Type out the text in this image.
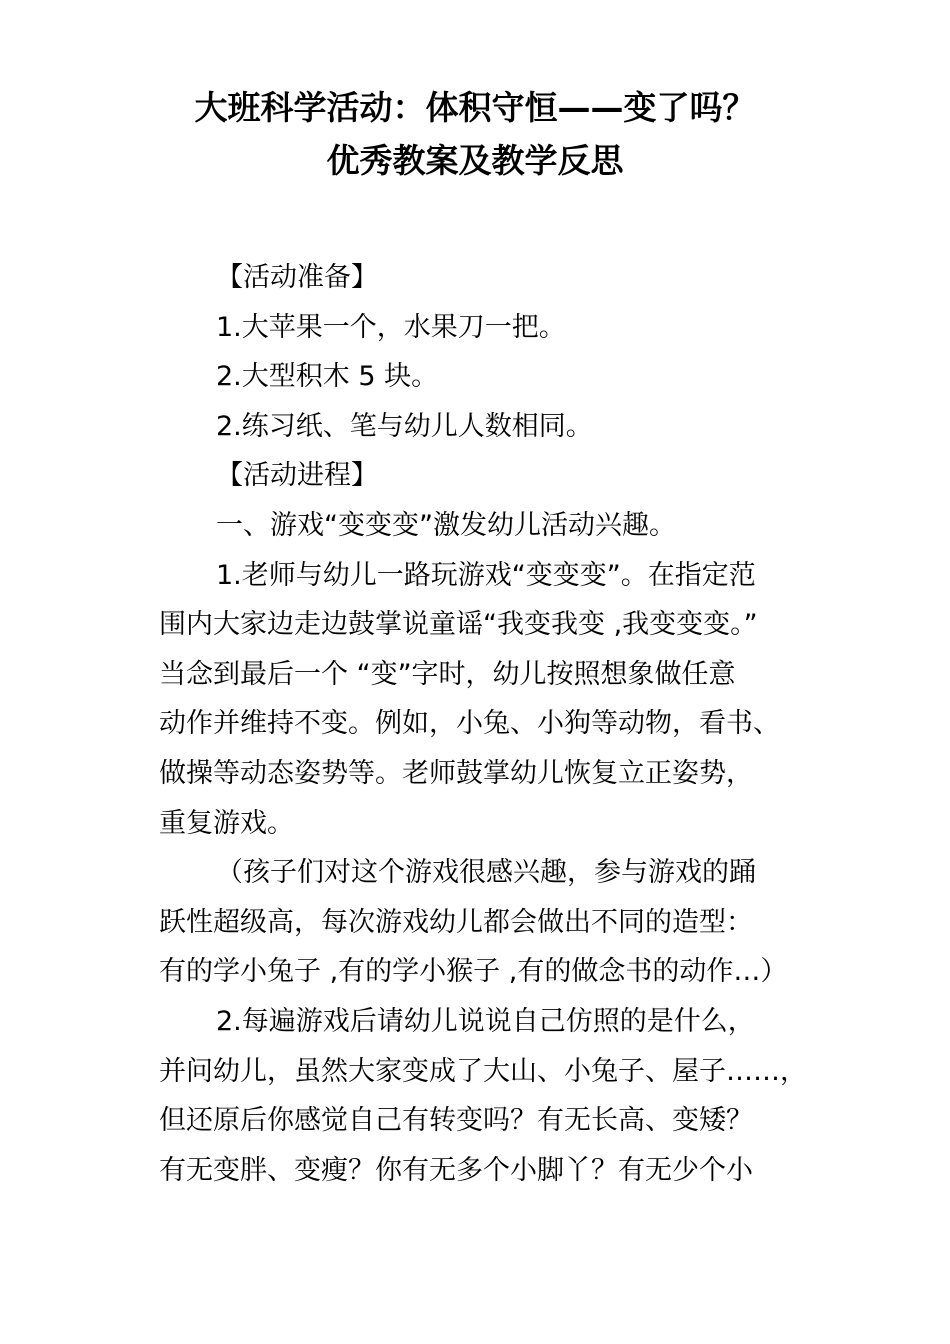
大班科学活动：体积守恒——变了吗？
优秀教案及教学反思

【活动准备】

1.大苹果一个，水果刀一把。

2.大型积木 5 块。

2.练习纸、笔与幼儿人数相同。

【活动进程】

一、游戏“变变变”激发幼儿活动兴趣。

1.老师与幼儿一路玩游戏“变变变”。在指定范

围内大家边走边鼓掌说童谣“我变我变 ,我变变变。”

当念到最后一个 “变”字时，幼儿按照想象做任意

动作并维持不变。例如，小兔、小狗等动物，看书、

做操等动态姿势等。老师鼓掌幼儿恢复立正姿势，

重复游戏。

（孩子们对这个游戏很感兴趣，参与游戏的踊

跃性超级高，每次游戏幼儿都会做出不同的造型：

有的学小兔子 ,有的学小猴子 ,有的做念书的动作…）

2.每遍游戏后请幼儿说说自己仿照的是什么，

并问幼儿，虽然大家变成了大山、小兔子、屋子……，

但还原后你感觉自己有转变吗？有无长高、变矮？

有无变胖、变瘦？你有无多个小脚丫？有无少个小
